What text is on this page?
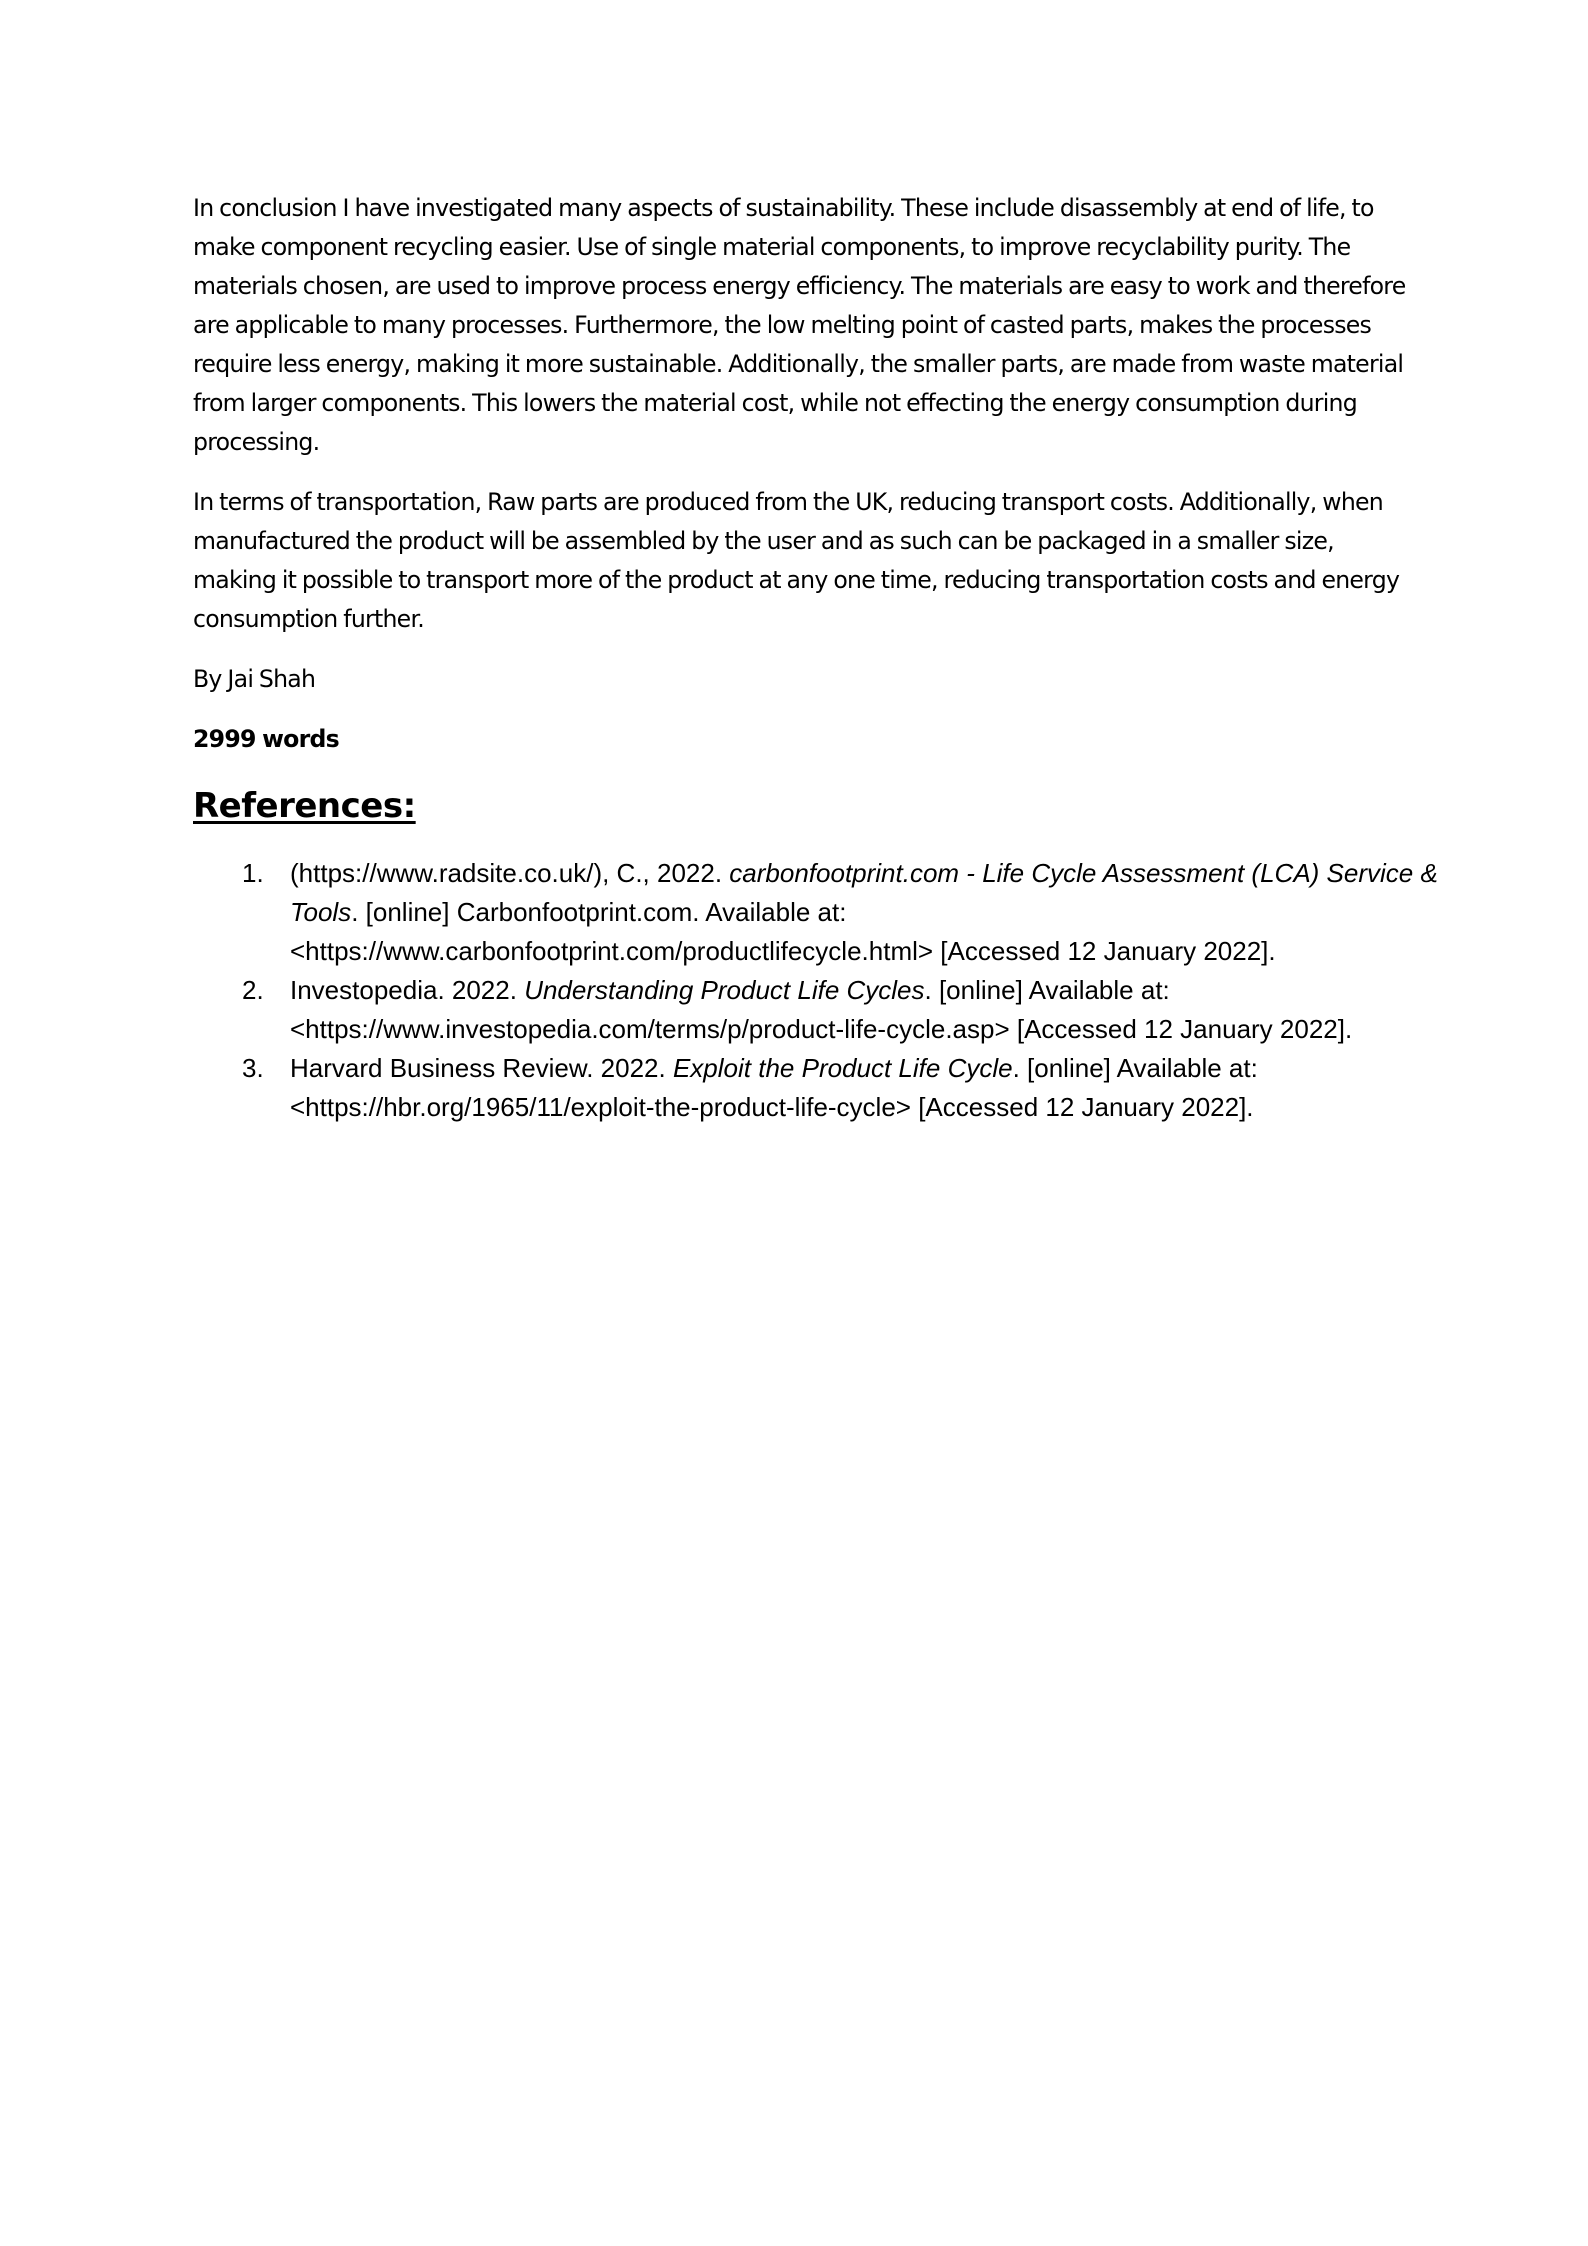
In conclusion I have investigated many aspects of sustainability. These include disassembly at end of life, to make component recycling easier. Use of single material components, to improve recyclability purity. The materials chosen, are used to improve process energy efficiency. The materials are easy to work and therefore are applicable to many processes. Furthermore, the low melting point of casted parts, makes the processes require less energy, making it more sustainable. Additionally, the smaller parts, are made from waste material from larger components. This lowers the material cost, while not effecting the energy consumption during processing.

In terms of transportation, Raw parts are produced from the UK, reducing transport costs. Additionally, when manufactured the product will be assembled by the user and as such can be packaged in a smaller size, making it possible to transport more of the product at any one time, reducing transportation costs and energy consumption further.

By Jai Shah

2999 words

References:
1. (https://www.radsite.co.uk/), C., 2022. carbonfootprint.com - Life Cycle Assessment (LCA) Service & Tools. [online] Carbonfootprint.com. Available at: <https://www.carbonfootprint.com/productlifecycle.html> [Accessed 12 January 2022].
2. Investopedia. 2022. Understanding Product Life Cycles. [online] Available at: <https://www.investopedia.com/terms/p/product-life-cycle.asp> [Accessed 12 January 2022].
3. Harvard Business Review. 2022. Exploit the Product Life Cycle. [online] Available at: <https://hbr.org/1965/11/exploit-the-product-life-cycle> [Accessed 12 January 2022].
